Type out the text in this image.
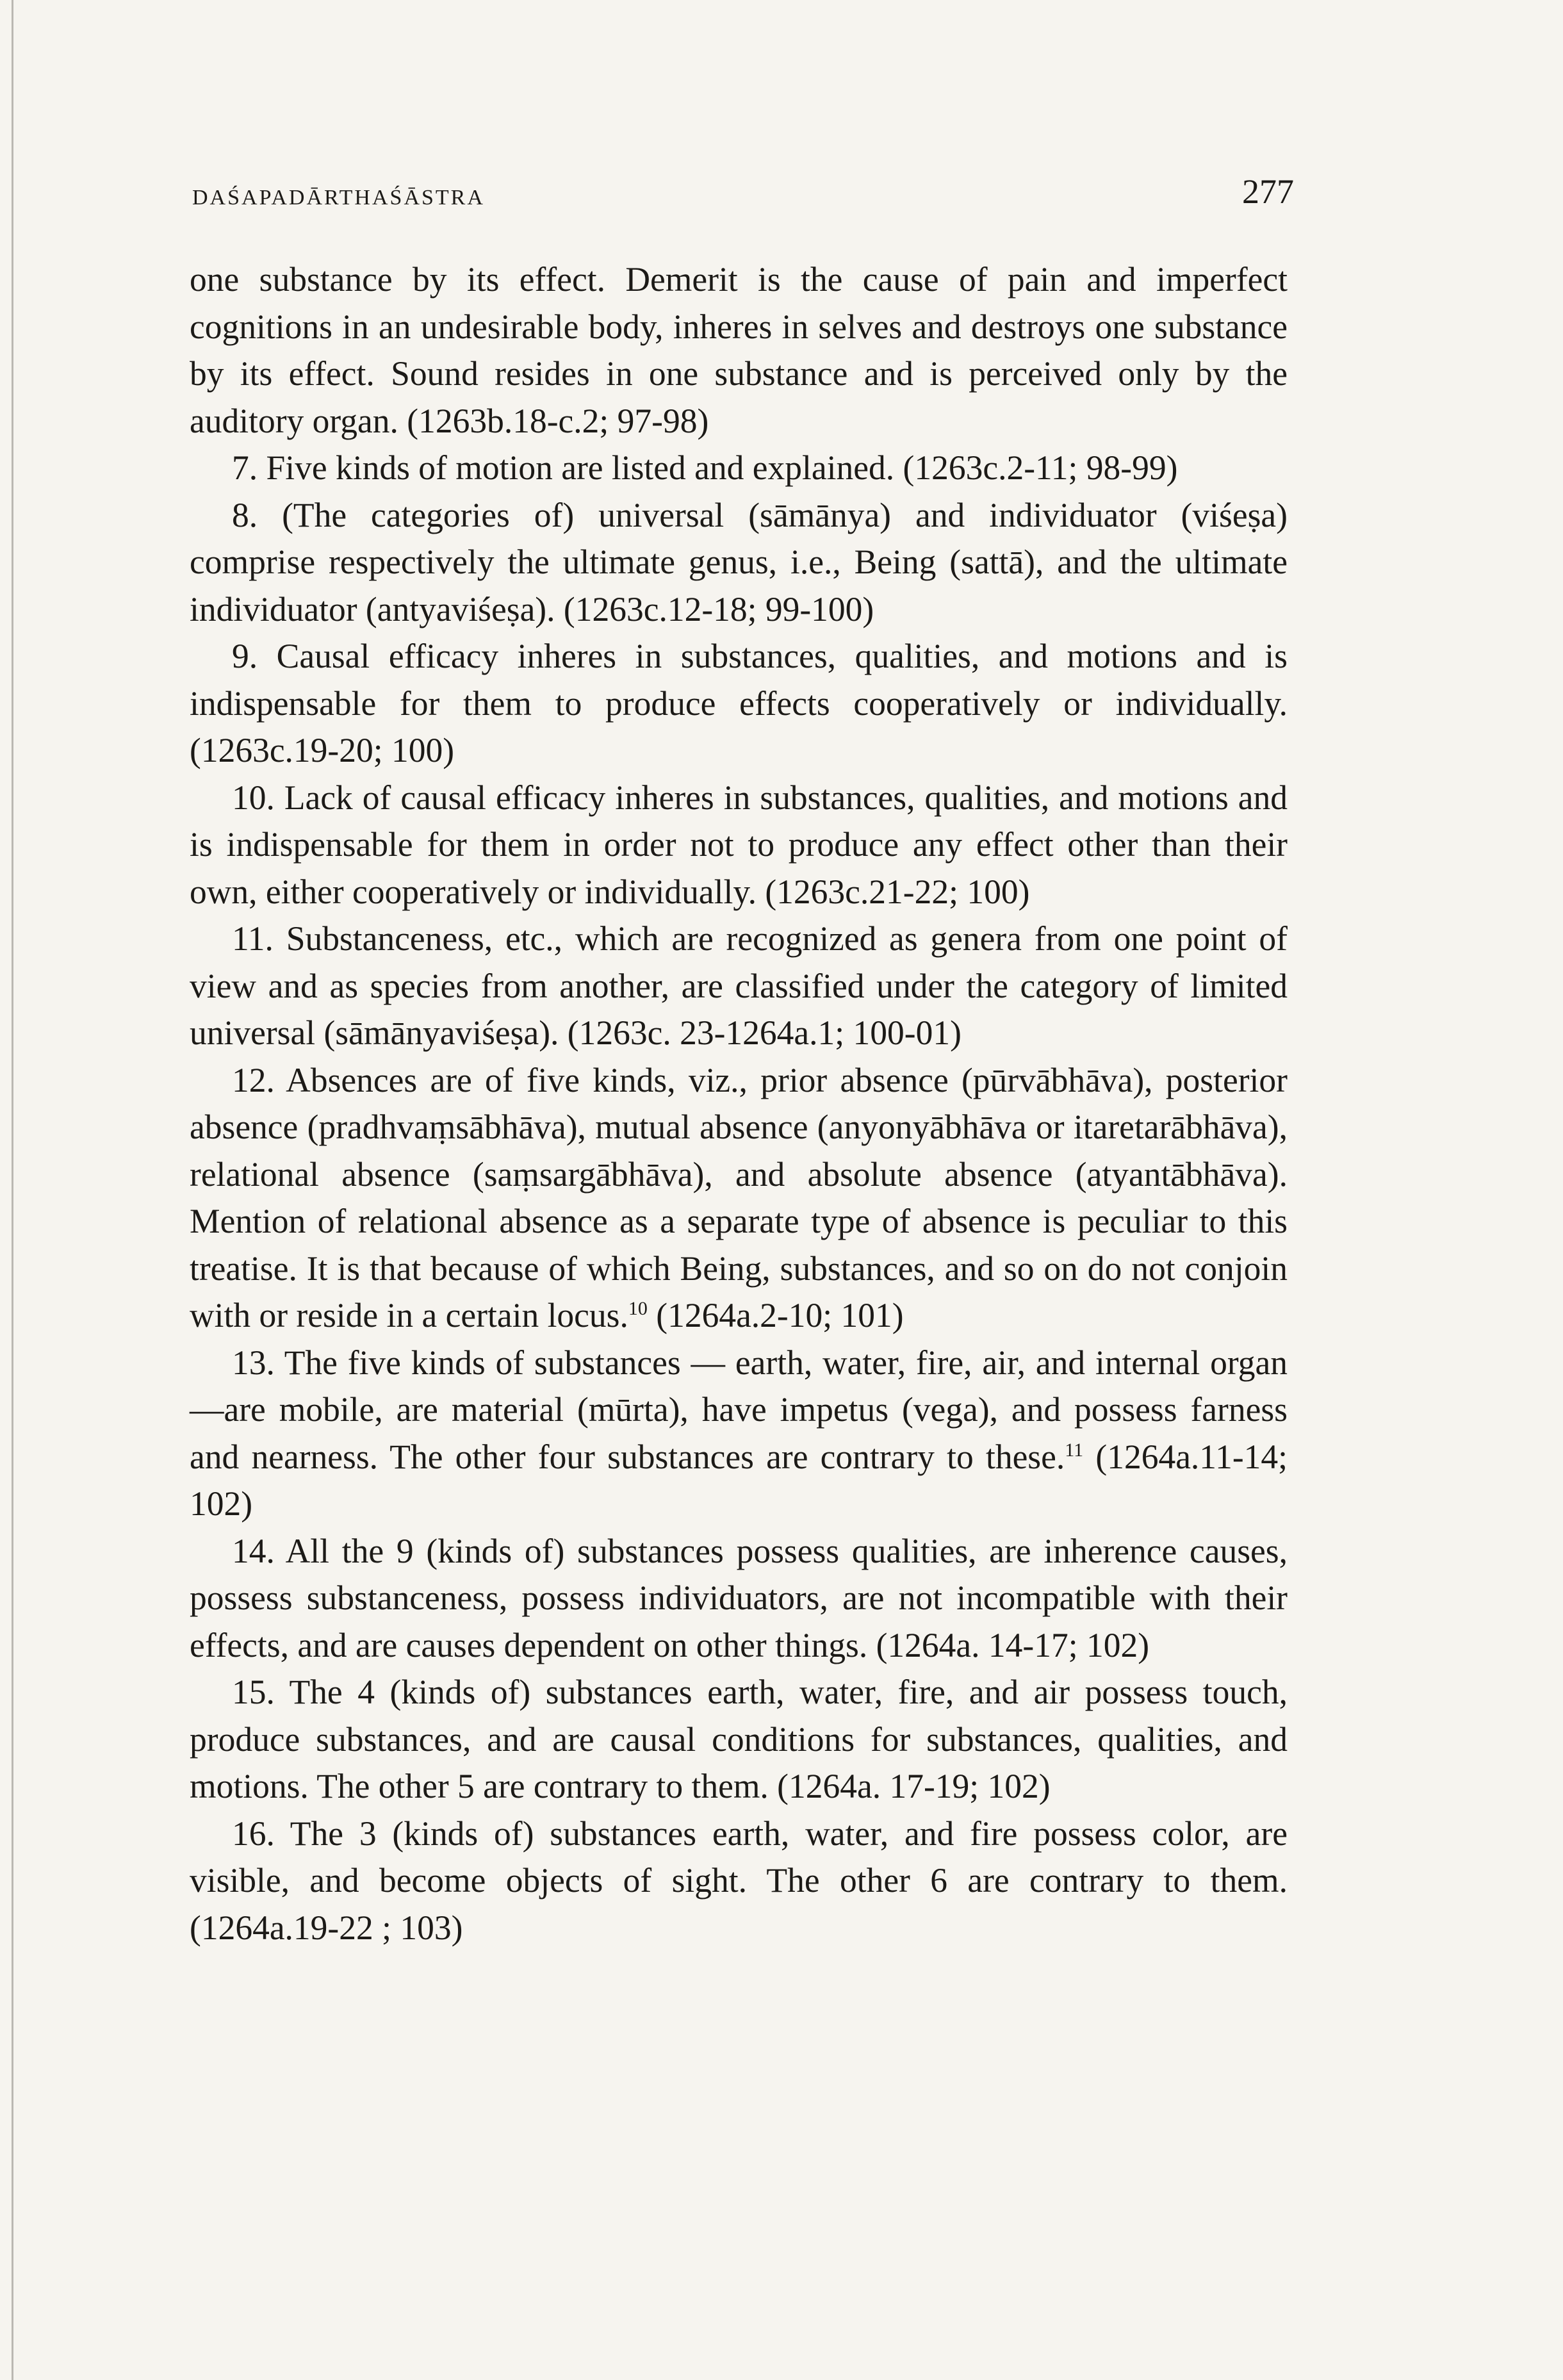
DAŚAPADĀRTHAŚĀSTRA	277

one substance by its effect. Demerit is the cause of pain and imperfect cognitions in an undesirable body, inheres in selves and destroys one substance by its effect. Sound resides in one substance and is perceived only by the auditory organ. (1263b.18-c.2; 97-98)

7. Five kinds of motion are listed and explained. (1263c.2-11; 98-99)

8. (The categories of) universal (sāmānya) and individuator (viśeṣa) comprise respectively the ultimate genus, i.e., Being (sattā), and the ultimate individuator (antyaviśeṣa). (1263c.12-18; 99-100)

9. Causal efficacy inheres in substances, qualities, and motions and is indispensable for them to produce effects cooperatively or individually. (1263c.19-20; 100)

10. Lack of causal efficacy inheres in substances, qualities, and motions and is indispensable for them in order not to produce any effect other than their own, either cooperatively or individually. (1263c.21-22; 100)

11. Substanceness, etc., which are recognized as genera from one point of view and as species from another, are classified under the category of limited universal (sāmānyaviśeṣa). (1263c. 23-1264a.1; 100-01)

12. Absences are of five kinds, viz., prior absence (pūrvābhāva), posterior absence (pradhvaṃsābhāva), mutual absence (anyonyābhāva or itaretarābhāva), relational absence (saṃsargābhāva), and absolute absence (atyantābhāva). Mention of relational absence as a separate type of absence is peculiar to this treatise. It is that because of which Being, substances, and so on do not conjoin with or reside in a certain locus.$^{10}$ (1264a.2-10; 101)

13. The five kinds of substances — earth, water, fire, air, and internal organ—are mobile, are material (mūrta), have impetus (vega), and possess farness and nearness. The other four substances are contrary to these.$^{11}$ (1264a.11-14; 102)

14. All the 9 (kinds of) substances possess qualities, are inherence causes, possess substanceness, possess individuators, are not incompatible with their effects, and are causes dependent on other things. (1264a. 14-17; 102)

15. The 4 (kinds of) substances earth, water, fire, and air possess touch, produce substances, and are causal conditions for substances, qualities, and motions. The other 5 are contrary to them. (1264a. 17-19; 102)

16. The 3 (kinds of) substances earth, water, and fire possess color, are visible, and become objects of sight. The other 6 are contrary to them. (1264a.19-22 ; 103)
